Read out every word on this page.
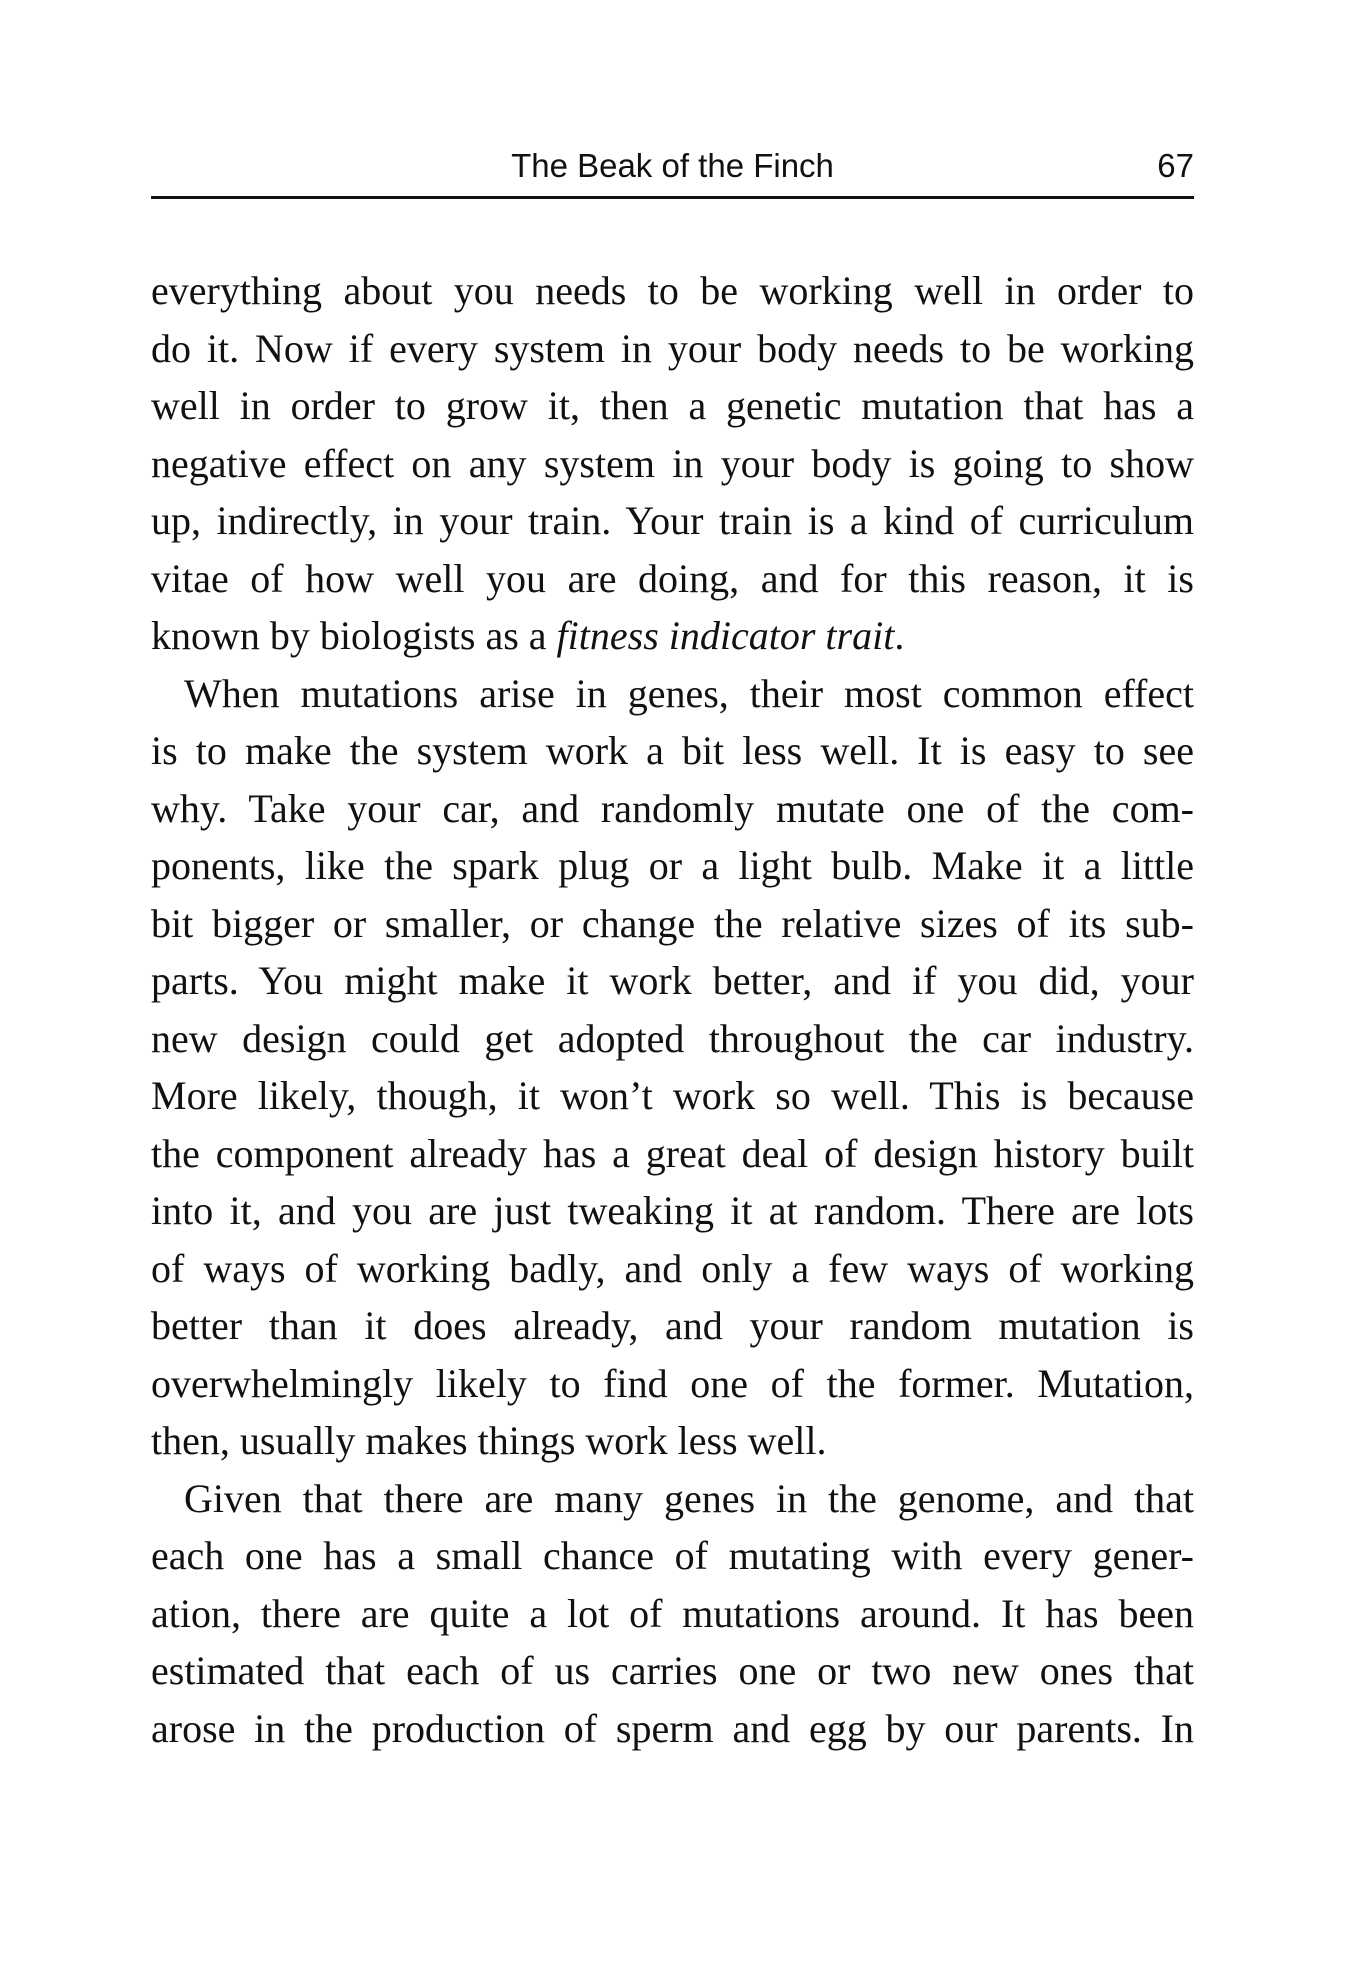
The Beak of the Finch	67
everything about you needs to be working well in order to
do it. Now if every system in your body needs to be working
well in order to grow it, then a genetic mutation that has a
negative effect on any system in your body is going to show
up, indirectly, in your train. Your train is a kind of curriculum
vitae of how well you are doing, and for this reason, it is
known by biologists as a fitness indicator trait.
When mutations arise in genes, their most common effect
is to make the system work a bit less well. It is easy to see
why. Take your car, and randomly mutate one of the com-
ponents, like the spark plug or a light bulb. Make it a little
bit bigger or smaller, or change the relative sizes of its sub-
parts. You might make it work better, and if you did, your
new design could get adopted throughout the car industry.
More likely, though, it won’t work so well. This is because
the component already has a great deal of design history built
into it, and you are just tweaking it at random. There are lots
of ways of working badly, and only a few ways of working
better than it does already, and your random mutation is
overwhelmingly likely to find one of the former. Mutation,
then, usually makes things work less well.
Given that there are many genes in the genome, and that
each one has a small chance of mutating with every gener-
ation, there are quite a lot of mutations around. It has been
estimated that each of us carries one or two new ones that
arose in the production of sperm and egg by our parents. In
